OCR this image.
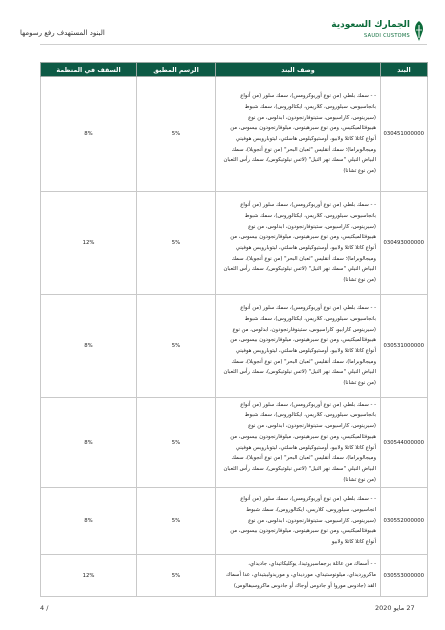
الجمارك السعودية
SAUDI CUSTOMS
البنود المستهدف رفع رسومها
البند	وصف البند	الرسم المطبق	السقف في المنظمة
030451000000	- - سمك بلطي (من نوع أوريوكرومس)، سمك سلور (من أنواع بانجاسيوس، سيلوروس، كلاريس، ايكتالوروس)، سمك شبوط (سيرينوس، كاراسيوس، ستينوفارنجودون، ابدلوس، من نوع هيبوفثالميكتيس، ومن نوع سيرهينوس، ميلوفارنجودون بيسوس، من أنواع كاتلا كاتلا ولابيو، أوستيوكيلوس هاسلتي، ليتوبارويس هوفيني وميجالوبراما)؛ سمك أنقليس "ثعبان البحر" (من نوع أنجويلا)، سمك البياض النيلي "سمك نهر النيل" (لاتس نيلوتيكوس)، سمك رأس الثعبان (من نوع تشانا)	5%	8%
030493000000	- - سمك بلطي (من نوع أوريوكرومس)، سمك سلور (من أنواع بانجاسيوس، سيلوروس، كلاريس، ايكتالوروس)، سمك شبوط (سيرينوس، كاراسيوس، ستينوفارنجودون، ابدلوس، من نوع هيبوفثالميكتيس، ومن نوع سيرهينوس، ميلوفارنجودون بيسوس، من أنواع كاتلا كاتلا ولابيو، أوستيوكيلوس هاسلتي، ليتوبارويس هوفيني وميجالوبراما)؛ سمك أنقليس "ثعبان البحر" (من نوع أنجويلا)، سمك البياض النيلي "سمك نهر النيل" (لاتس نيلوتيكوس)، سمك رأس الثعبان (من نوع تشانا)	5%	12%
030531000000	- - سمك بلطي (من نوع أوريوكرومس)، سمك سلور (من أنواع بانجاسيوس، سيلوروس، كلاريس، ايكتالوروس)، سمك شبوط (سيرينوس كارابيو، كاراسيوس، ستينوفارنجودون، ابدلوس، من نوع هيبوفثالميكتيس، ومن نوع سيرهينوس، ميلوفارنجودون بيسوس، من أنواع كاتلا كاتلا ولابيو، أوستيوكيلوس هاسلتي، ليتوبارويس هوفيني وميجالوبراما)، سمك أنقليس "ثعبان البحر" (من نوع أنجويلا)، سمك البياض النيلي "سمك نهر النيل" (لاتس نيلوتيكوس)، سمك رأس الثعبان (من نوع تشانا)	5%	8%
030544000000	- - سمك بلطي (من نوع أوريوكرومس)، سمك سلور (من أنواع بانجاسيوس، سيلوروس، كلاريس، ايكتالوروس)، سمك شبوط (سيرينوس، كاراسيوس، ستينوفارنجودون، ابدلوس، من نوع هيبوفثالميكتيس، ومن نوع سيرهينوس، ميلوفارنجودون بيسوس، من أنواع كاتلا كاتلا ولابيو، أوستيوكيلوس هاسلتي، ليتوبارويس هوفيني وميجالوبراما)، سمك أنقليس "ثعبان البحر" (من نوع أنجويلا)، سمك البياض النيلي "سمك نهر النيل" (لاتس نيلوتيكوس)، سمك رأس الثعبان (من نوع تشانا)	5%	8%
030552000000	- - سمك بلطي (من نوع أوريوكرومس)، سمك سلور (من أنواع انجاسيوس، سيلوروس، كلاريس، ايكتالوروس)، سمك شبوط (سيرينوس، كاراسيوس، ستينوفارنجودون، ابدلوس، من نوع هيبوفثالميكتيس، ومن نوع سيرهينوس، ميلوفارنجودون بيسوس، من أنواع كاتلا كاتلا ولابيو	5%	8%
030553000000	- - أسماك من عائلة برجماسيروتيدا، يوكليكاتيداي، جاديداي، ماكرورديداي، ميلونوستيداي، مورديداي، و موريدوليبتيداي، عدا أسماك القد (جادوس موروا أو جادوس أوجاك أو جادوس ماكروسيفالوس)	5%	12%
4 /	27 مايو 2020
